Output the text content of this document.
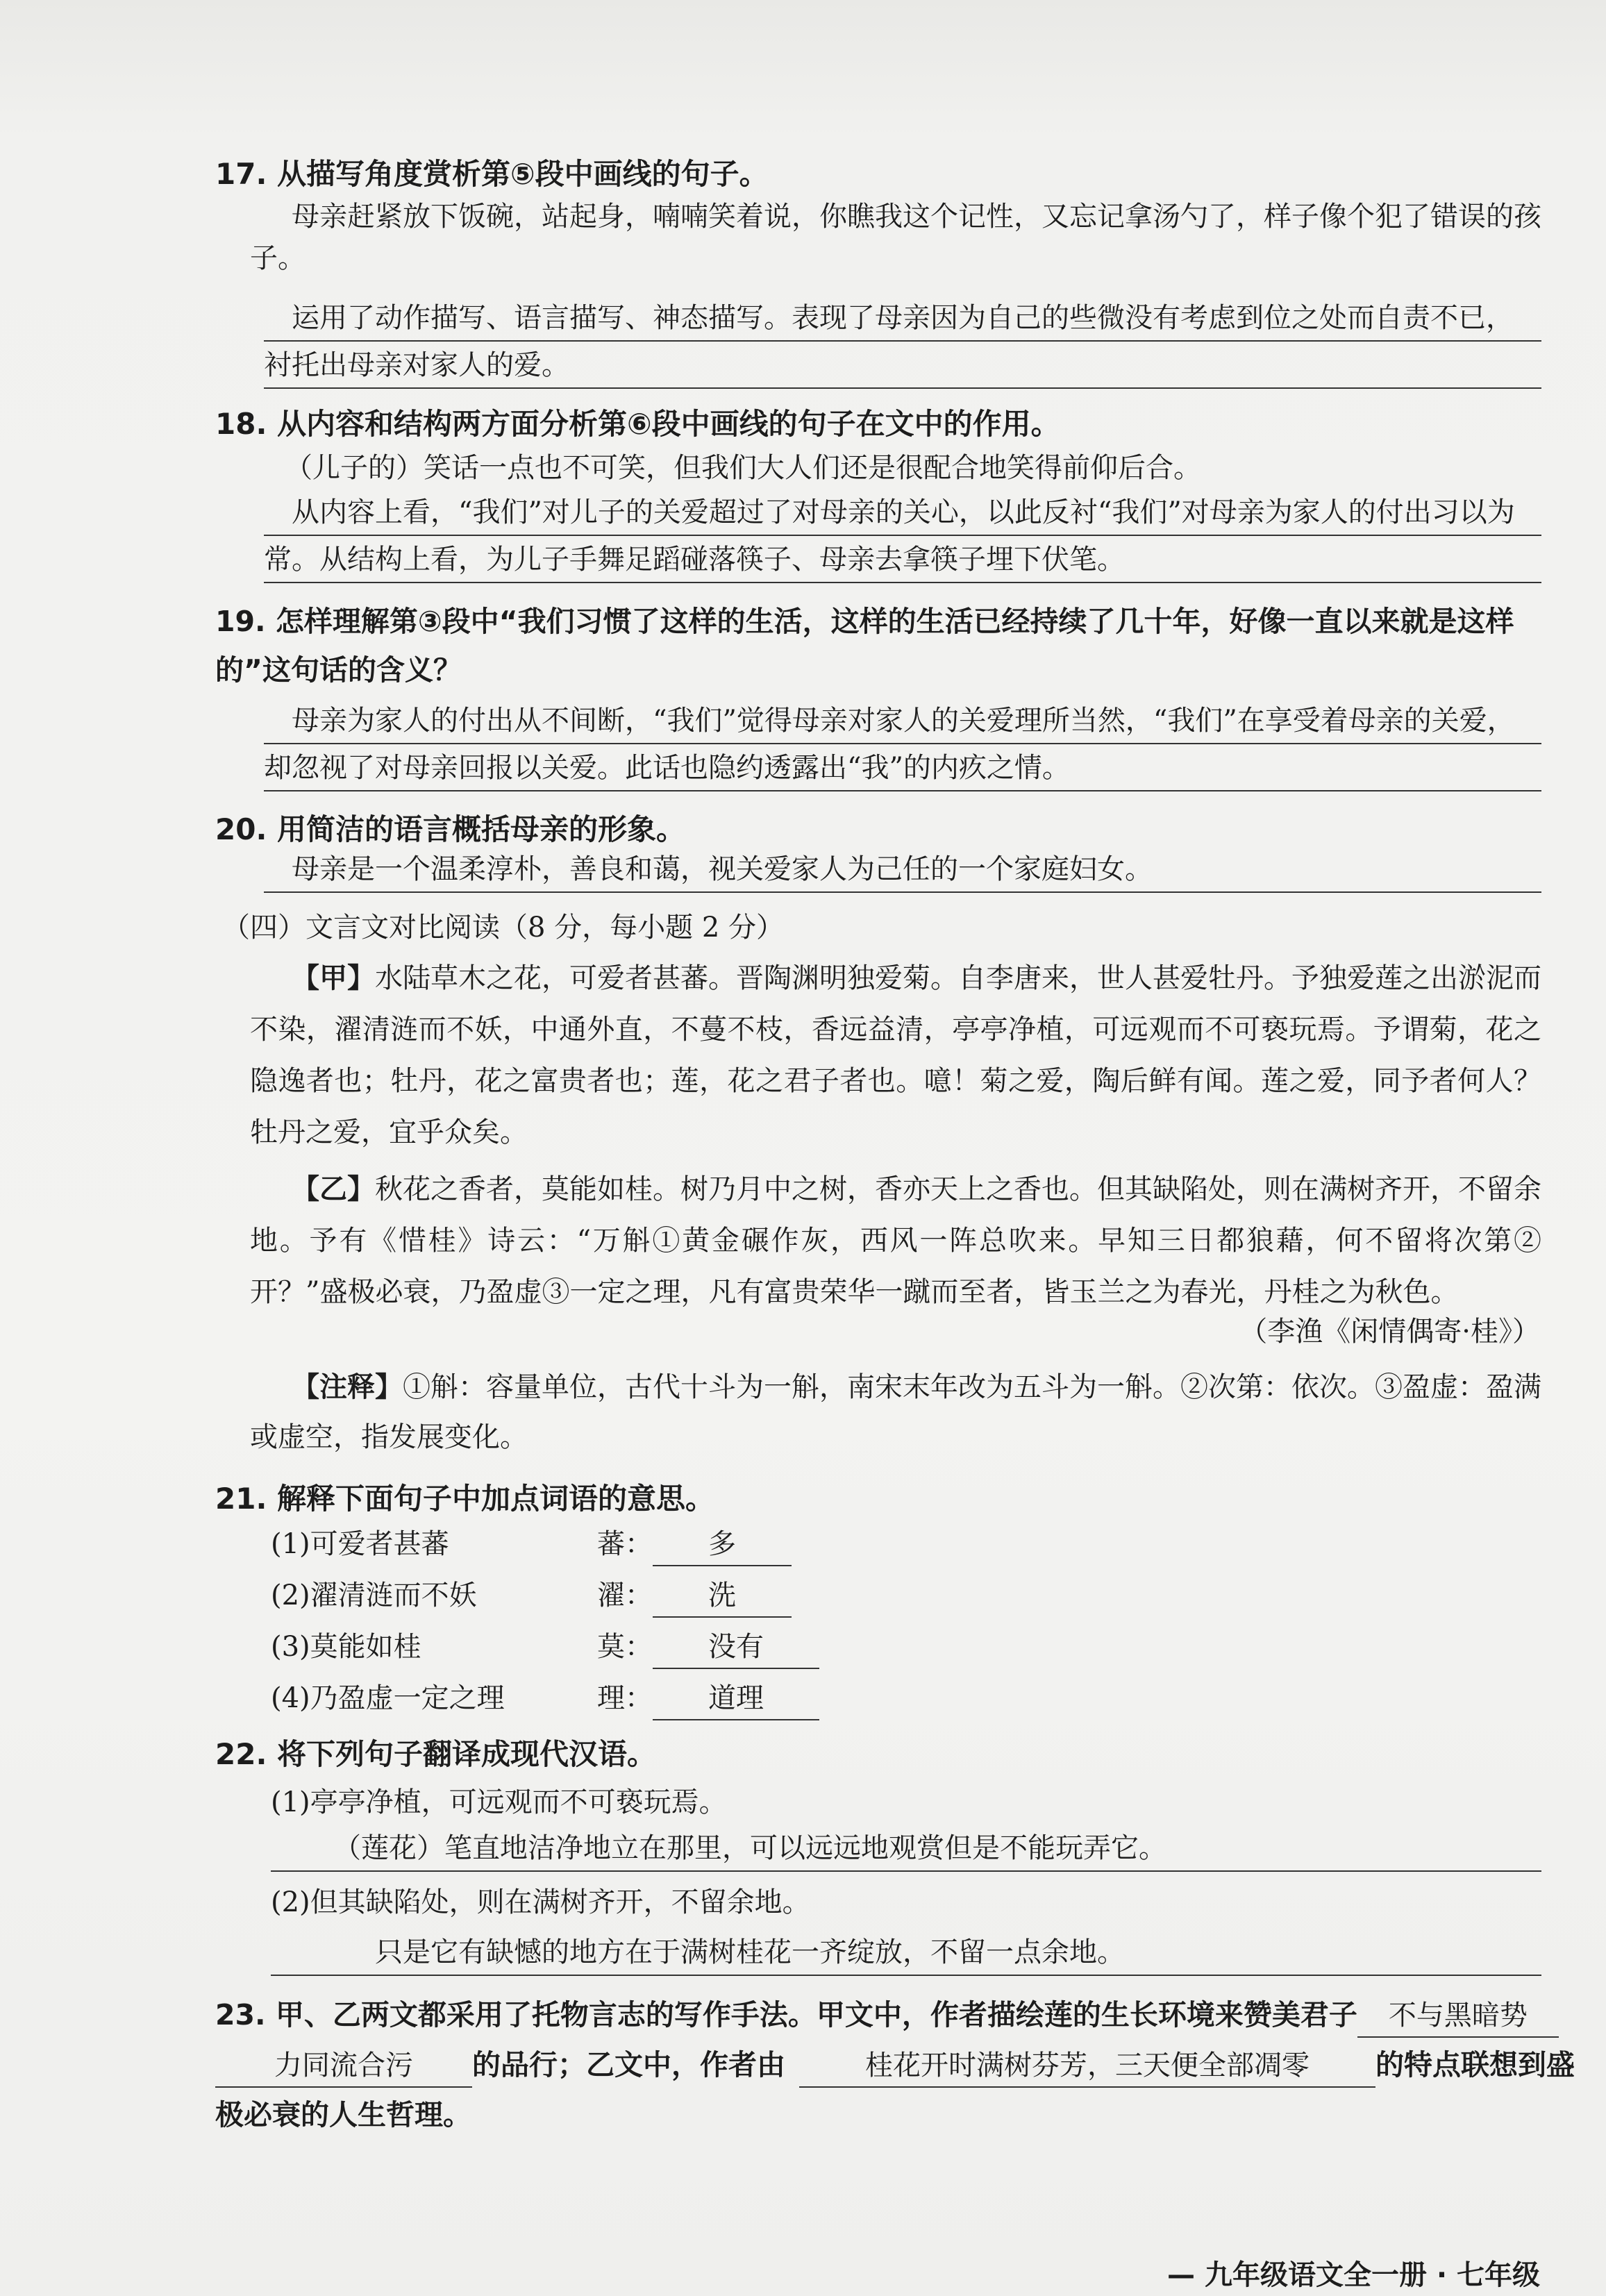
17. 从描写角度赏析第⑤段中画线的句子。
母亲赶紧放下饭碗，站起身，喃喃笑着说，你瞧我这个记性，又忘记拿汤勺了，样子像个犯了错误的孩子。
运用了动作描写、语言描写、神态描写。表现了母亲因为自己的些微没有考虑到位之处而自责不已，
衬托出母亲对家人的爱。
18. 从内容和结构两方面分析第⑥段中画线的句子在文中的作用。
（儿子的）笑话一点也不可笑，但我们大人们还是很配合地笑得前仰后合。
从内容上看，“我们”对儿子的关爱超过了对母亲的关心，以此反衬“我们”对母亲为家人的付出习以为
常。从结构上看，为儿子手舞足蹈碰落筷子、母亲去拿筷子埋下伏笔。
19. 怎样理解第③段中“我们习惯了这样的生活，这样的生活已经持续了几十年，好像一直以来就是这样的”这句话的含义？
母亲为家人的付出从不间断，“我们”觉得母亲对家人的关爱理所当然，“我们”在享受着母亲的关爱，
却忽视了对母亲回报以关爱。此话也隐约透露出“我”的内疚之情。
20. 用简洁的语言概括母亲的形象。
母亲是一个温柔淳朴，善良和蔼，视关爱家人为己任的一个家庭妇女。
（四）文言文对比阅读（8 分，每小题 2 分）
【甲】水陆草木之花，可爱者甚蕃。晋陶渊明独爱菊。自李唐来，世人甚爱牡丹。予独爱莲之出淤泥而不染，濯清涟而不妖，中通外直，不蔓不枝，香远益清，亭亭净植，可远观而不可亵玩焉。予谓菊，花之隐逸者也；牡丹，花之富贵者也；莲，花之君子者也。噫！菊之爱，陶后鲜有闻。莲之爱，同予者何人？牡丹之爱，宜乎众矣。
【乙】秋花之香者，莫能如桂。树乃月中之树，香亦天上之香也。但其缺陷处，则在满树齐开，不留余地。予有《惜桂》诗云：“万斛①黄金碾作灰，西风一阵总吹来。早知三日都狼藉，何不留将次第②开？”盛极必衰，乃盈虚③一定之理，凡有富贵荣华一蹴而至者，皆玉兰之为春光，丹桂之为秋色。
（李渔《闲情偶寄·桂》）
【注释】①斛：容量单位，古代十斗为一斛，南宋末年改为五斗为一斛。②次第：依次。③盈虚：盈满或虚空，指发展变化。
21. 解释下面句子中加点词语的意思。
(1)可爱者甚蕃	蕃： 多
(2)濯清涟而不妖	濯： 洗
(3)莫能如桂	莫： 没有
(4)乃盈虚一定之理	理： 道理
22. 将下列句子翻译成现代汉语。
(1)亭亭净植，可远观而不可亵玩焉。
（莲花）笔直地洁净地立在那里，可以远远地观赏但是不能玩弄它。
(2)但其缺陷处，则在满树齐开，不留余地。
只是它有缺憾的地方在于满树桂花一齐绽放，不留一点余地。
23. 甲、乙两文都采用了托物言志的写作手法。甲文中，作者描绘莲的生长环境来赞美君子 不与黑暗势
力同流合污 的品行；乙文中，作者由	桂花开时满树芬芳，三天便全部凋零 的特点联想到盛
极必衰的人生哲理。
— 九年级语文全一册 · 七年级
